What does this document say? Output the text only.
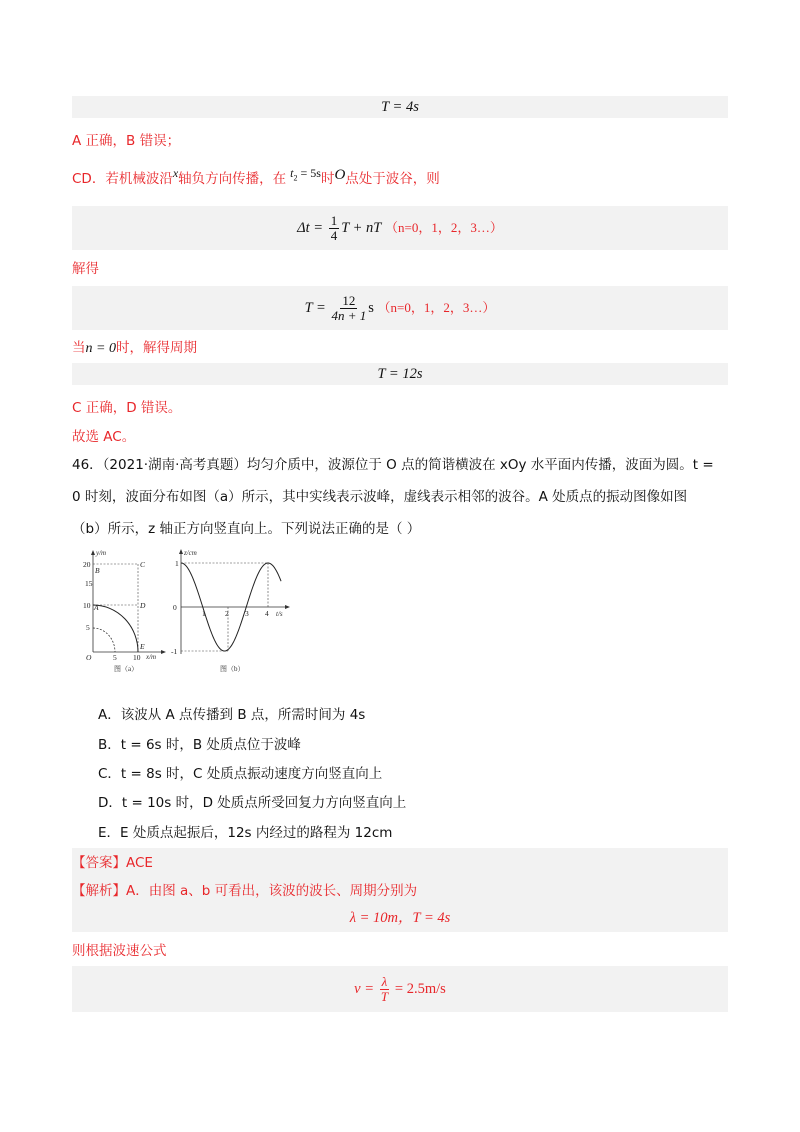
T = 4s
A 正确，B 错误；
CD．若机械波沿x轴负方向传播，在 $t_2 = 5s$时O点处于波谷，则
$\Delta t = \frac{1}{4}$ T + nT （n=0，1，2，3…）
解得
$T = \frac{12}{4n + 1}$ s （n=0，1，2，3…）
当n = 0时，解得周期
T = 12s
C 正确，D 错误。
故选 AC。
46．（2021·湖南·高考真题）均匀介质中，波源位于 O 点的简谐横波在 xOy 水平面内传播，波面为圆。t =
0 时刻，波面分布如图（a）所示，其中实线表示波峰，虚线表示相邻的波谷。A 处质点的振动图像如图
（b）所示，z 轴正方向竖直向上。下列说法正确的是（ ）
y/m
x/m
20
15
10
5
O	5 10
B
C
A	D
E
图（a）
z/cm
t/s
1
0
-1
1	2 3 4
图（b）
A．该波从 A 点传播到 B 点，所需时间为 4s
B．t = 6s 时，B 处质点位于波峰
C．t = 8s 时，C 处质点振动速度方向竖直向上
D．t = 10s 时，D 处质点所受回复力方向竖直向上
E．E 处质点起振后，12s 内经过的路程为 12cm
【答案】ACE
【解析】A．由图 a、b 可看出，该波的波长、周期分别为
λ = 10m，T = 4s
则根据波速公式
$v = \frac{\lambda}{T} = 2.5m/s$
